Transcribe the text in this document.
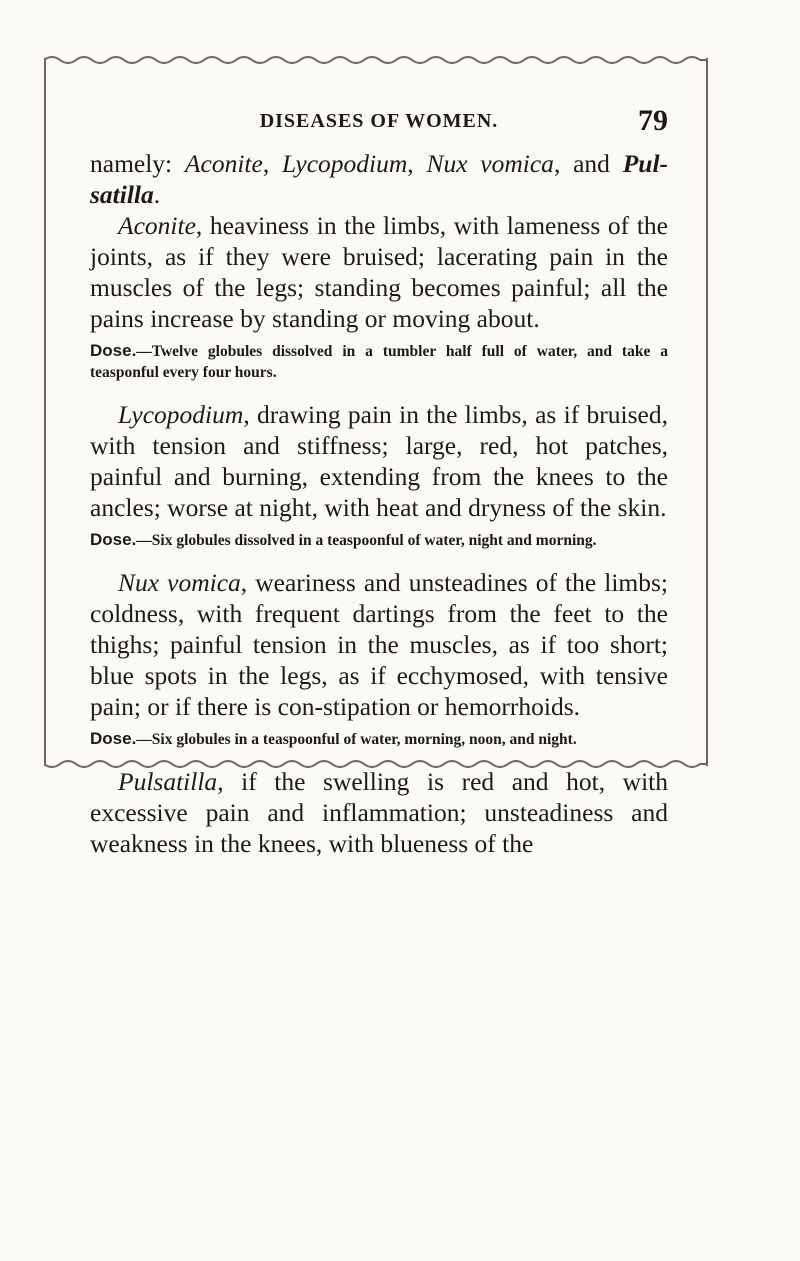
DISEASES OF WOMEN.	79

namely: Aconite, Lycopodium, Nux vomica, and Pul-satilla.

Aconite, heaviness in the limbs, with lameness of the joints, as if they were bruised; lacerating pain in the muscles of the legs; standing becomes painful; all the pains increase by standing or moving about.

Dose.—Twelve globules dissolved in a tumbler half full of water, and take a teasponful every four hours.

Lycopodium, drawing pain in the limbs, as if bruised, with tension and stiffness; large, red, hot patches, painful and burning, extending from the knees to the ancles; worse at night, with heat and dryness of the skin.

Dose.—Six globules dissolved in a teaspoonful of water, night and morning.

Nux vomica, weariness and unsteadines of the limbs; coldness, with frequent dartings from the feet to the thighs; painful tension in the muscles, as if too short; blue spots in the legs, as if ecchymosed, with tensive pain; or if there is con-stipation or hemorrhoids.

Dose.—Six globules in a teaspoonful of water, morning, noon, and night.

Pulsatilla, if the swelling is red and hot, with excessive pain and inflammation; unsteadiness and weakness in the knees, with blueness of the
